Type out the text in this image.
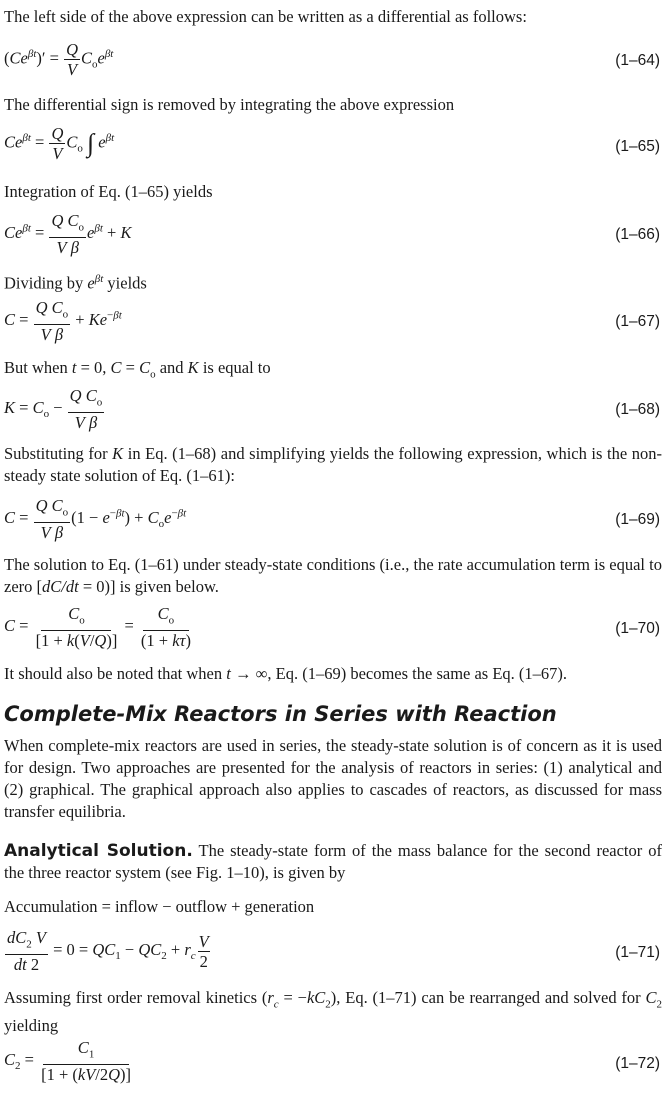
The left side of the above expression can be written as a differential as follows:
$(Ce^{\beta t})' = \frac{Q}{V} C_oe^{\beta t}$	(1–64)
The differential sign is removed by integrating the above expression
$Ce^{\beta t} = \frac{Q}{V} C_o$ ∫ $e^{\beta t}$
(1–65)
Integration of Eq. (1–65) yields
$Ce^{\beta t} = \frac{Q C_o}{\text{V β}} e^{\beta t} + K$	(1–66)
Dividing by $e^{\beta t}$ yields
$C = \frac{Q C_o}{\text{V β}} + Ke^{-\beta t}$	(1–67)
But when t = 0, $C = C_o$ and K is equal to
$K = C_o - \frac{Q C_o}{\text{V β}}$	(1–68)
Substituting for K in Eq. (1–68) and simplifying yields the following expression, which is the non-steady state solution of Eq. (1–61):
$C = \frac{Q C_o}{\text{V β}} (1 - e^{-\beta t}) + C_oe^{-\beta t}$	(1–69)
The solution to Eq. (1–61) under steady-state conditions (i.e., the rate accumulation term is equal to zero [dC/dt = 0)] is given below.
$C = \frac{C_o}{[1 + k(V/Q)]} = \frac{C_o}{(1 + k\tau)}$	(1–70)
It should also be noted that when t → ∞, Eq. (1–69) becomes the same as Eq. (1–67).
Complete-Mix Reactors in Series with Reaction
When complete-mix reactors are used in series, the steady-state solution is of concern as it is used for design. Two approaches are presented for the analysis of reactors in series: (1) analytical and (2) graphical. The graphical approach also applies to cascades of reactors, as discussed for mass transfer equilibria.
Analytical Solution. The steady-state form of the mass balance for the second reactor of the three reactor system (see Fig. 1–10), is given by
Accumulation = inflow − outflow + generation
$\frac{dC_2 V}{dt 2} = 0 = QC_1 - QC_2 + r_c \frac{V}{2}$	(1–71)
Assuming first order removal kinetics $(r_c = -kC_2)$, Eq. (1–71) can be rearranged and solved for $C_2$ yielding
$C_2 = \frac{C_1}{[1 + (kV/2Q)]}$	(1–72)
